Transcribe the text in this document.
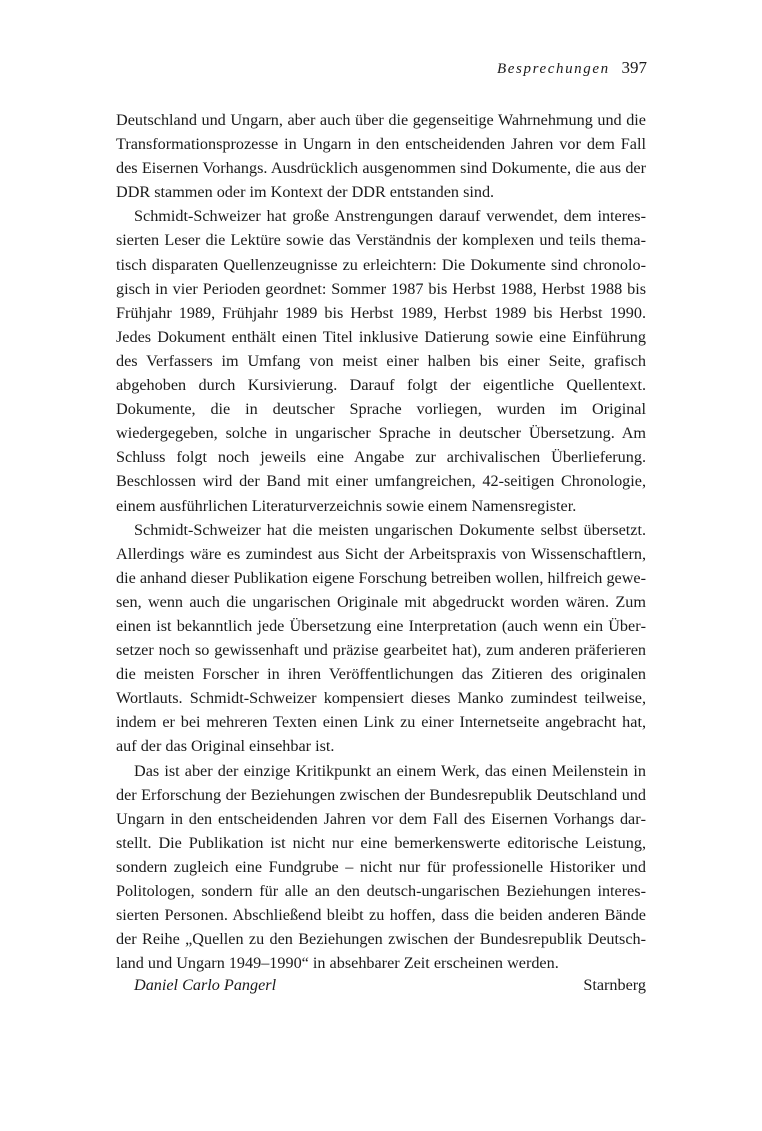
Besprechungen 397

Deutschland und Ungarn, aber auch über die gegenseitige Wahrnehmung und die Transformationsprozesse in Ungarn in den entscheidenden Jahren vor dem Fall des Eisernen Vorhangs. Ausdrücklich ausgenommen sind Dokumente, die aus der DDR stammen oder im Kontext der DDR entstanden sind.

Schmidt-Schweizer hat große Anstrengungen darauf verwendet, dem interessierten Leser die Lektüre sowie das Verständnis der komplexen und teils thematisch disparaten Quellenzeugnisse zu erleichtern: Die Dokumente sind chronologisch in vier Perioden geordnet: Sommer 1987 bis Herbst 1988, Herbst 1988 bis Frühjahr 1989, Frühjahr 1989 bis Herbst 1989, Herbst 1989 bis Herbst 1990. Jedes Dokument enthält einen Titel inklusive Datierung sowie eine Einführung des Verfassers im Umfang von meist einer halben bis einer Seite, grafisch abgehoben durch Kursivierung. Darauf folgt der eigentliche Quellentext. Dokumente, die in deutscher Sprache vorliegen, wurden im Original wiedergegeben, solche in ungarischer Sprache in deutscher Übersetzung. Am Schluss folgt noch jeweils eine Angabe zur archivalischen Überlieferung. Beschlossen wird der Band mit einer umfangreichen, 42-seitigen Chronologie, einem ausführlichen Literaturverzeichnis sowie einem Namensregister.

Schmidt-Schweizer hat die meisten ungarischen Dokumente selbst übersetzt. Allerdings wäre es zumindest aus Sicht der Arbeitspraxis von Wissenschaftlern, die anhand dieser Publikation eigene Forschung betreiben wollen, hilfreich gewesen, wenn auch die ungarischen Originale mit abgedruckt worden wären. Zum einen ist bekanntlich jede Übersetzung eine Interpretation (auch wenn ein Übersetzer noch so gewissenhaft und präzise gearbeitet hat), zum anderen präferieren die meisten Forscher in ihren Veröffentlichungen das Zitieren des originalen Wortlauts. Schmidt-Schweizer kompensiert dieses Manko zumindest teilweise, indem er bei mehreren Texten einen Link zu einer Internetseite angebracht hat, auf der das Original einsehbar ist.

Das ist aber der einzige Kritikpunkt an einem Werk, das einen Meilenstein in der Erforschung der Beziehungen zwischen der Bundesrepublik Deutschland und Ungarn in den entscheidenden Jahren vor dem Fall des Eisernen Vorhangs darstellt. Die Publikation ist nicht nur eine bemerkenswerte editorische Leistung, sondern zugleich eine Fundgrube – nicht nur für professionelle Historiker und Politologen, sondern für alle an den deutsch-ungarischen Beziehungen interessierten Personen. Abschließend bleibt zu hoffen, dass die beiden anderen Bände der Reihe „Quellen zu den Beziehungen zwischen der Bundesrepublik Deutschland und Ungarn 1949–1990“ in absehbarer Zeit erscheinen werden.

Daniel Carlo Pangerl	Starnberg
